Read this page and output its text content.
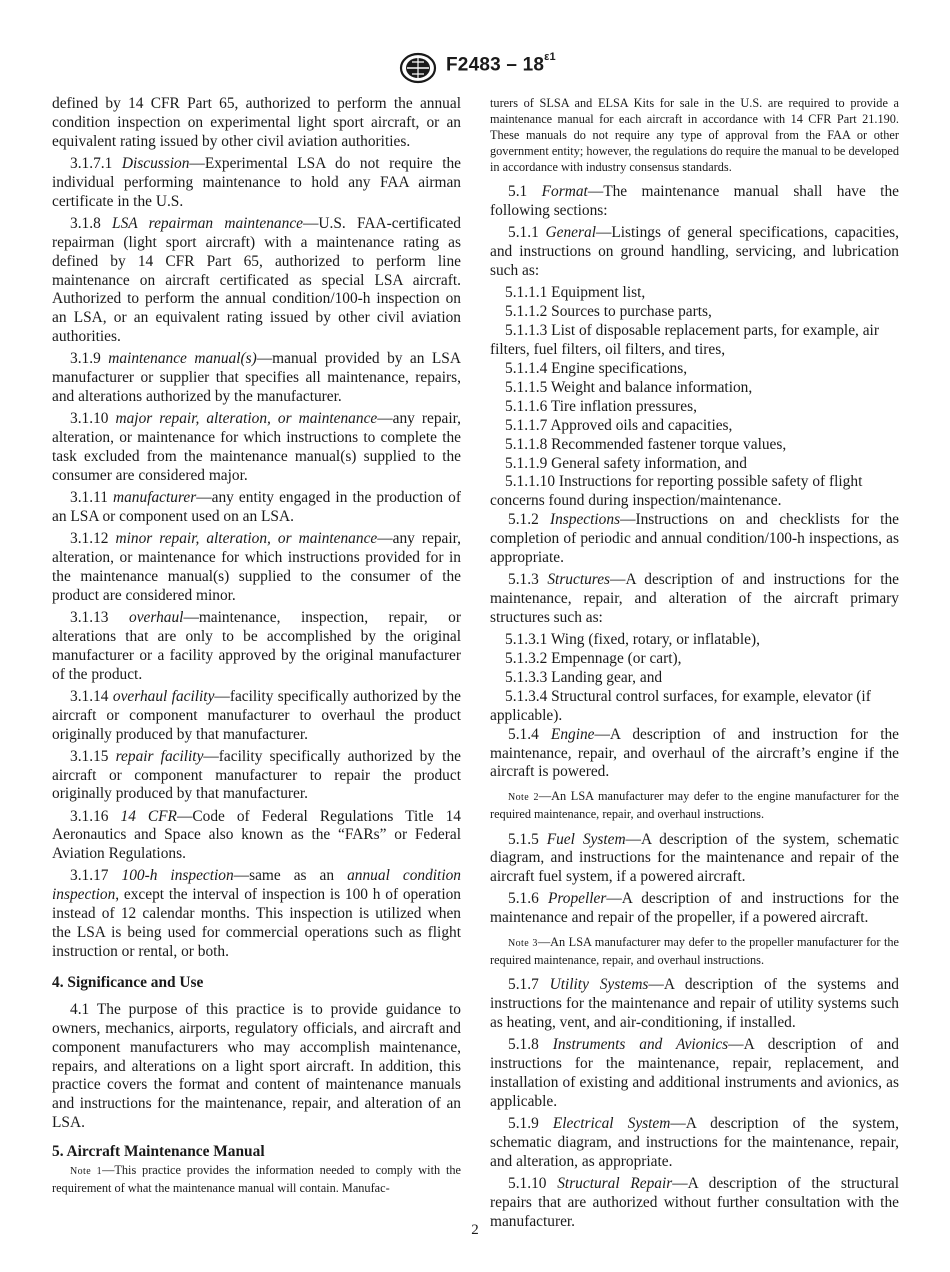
$F2483 - 18^{\varepsilon 1}$

defined by 14 CFR Part 65, authorized to perform the annual condition inspection on experimental light sport aircraft, or an equivalent rating issued by other civil aviation authorities.

3.1.7.1 Discussion—Experimental LSA do not require the individual performing maintenance to hold any FAA airman certificate in the U.S.

3.1.8 LSA repairman maintenance—U.S. FAA-certificated repairman (light sport aircraft) with a maintenance rating as defined by 14 CFR Part 65, authorized to perform line maintenance on aircraft certificated as special LSA aircraft. Authorized to perform the annual condition/100-h inspection on an LSA, or an equivalent rating issued by other civil aviation authorities.

3.1.9 maintenance manual(s)—manual provided by an LSA manufacturer or supplier that specifies all maintenance, repairs, and alterations authorized by the manufacturer.

3.1.10 major repair, alteration, or maintenance—any repair, alteration, or maintenance for which instructions to complete the task excluded from the maintenance manual(s) supplied to the consumer are considered major.

3.1.11 manufacturer—any entity engaged in the production of an LSA or component used on an LSA.

3.1.12 minor repair, alteration, or maintenance—any repair, alteration, or maintenance for which instructions provided for in the maintenance manual(s) supplied to the consumer of the product are considered minor.

3.1.13 overhaul—maintenance, inspection, repair, or alterations that are only to be accomplished by the original manufacturer or a facility approved by the original manufacturer of the product.

3.1.14 overhaul facility—facility specifically authorized by the aircraft or component manufacturer to overhaul the product originally produced by that manufacturer.

3.1.15 repair facility—facility specifically authorized by the aircraft or component manufacturer to repair the product originally produced by that manufacturer.

3.1.16 14 CFR—Code of Federal Regulations Title 14 Aeronautics and Space also known as the “FARs” or Federal Aviation Regulations.

3.1.17 100-h inspection—same as an annual condition inspection, except the interval of inspection is 100 h of operation instead of 12 calendar months. This inspection is utilized when the LSA is being used for commercial operations such as flight instruction or rental, or both.

4. Significance and Use

4.1 The purpose of this practice is to provide guidance to owners, mechanics, airports, regulatory officials, and aircraft and component manufacturers who may accomplish maintenance, repairs, and alterations on a light sport aircraft. In addition, this practice covers the format and content of maintenance manuals and instructions for the maintenance, repair, and alteration of an LSA.

5. Aircraft Maintenance Manual
Note 1—This practice provides the information needed to comply with the requirement of what the maintenance manual will contain. Manufac-
turers of SLSA and ELSA Kits for sale in the U.S. are required to provide a maintenance manual for each aircraft in accordance with 14 CFR Part 21.190. These manuals do not require any type of approval from the FAA or other government entity; however, the regulations do require the manual to be developed in accordance with industry consensus standards.

5.1 Format—The maintenance manual shall have the following sections:

5.1.1 General—Listings of general specifications, capacities, and instructions on ground handling, servicing, and lubrication such as:

5.1.1.1 Equipment list,

5.1.1.2 Sources to purchase parts,

5.1.1.3 List of disposable replacement parts, for example, air filters, fuel filters, oil filters, and tires,

5.1.1.4 Engine specifications,

5.1.1.5 Weight and balance information,

5.1.1.6 Tire inflation pressures,

5.1.1.7 Approved oils and capacities,

5.1.1.8 Recommended fastener torque values,

5.1.1.9 General safety information, and

5.1.1.10 Instructions for reporting possible safety of flight concerns found during inspection/maintenance.

5.1.2 Inspections—Instructions on and checklists for the completion of periodic and annual condition/100-h inspections, as appropriate.

5.1.3 Structures—A description of and instructions for the maintenance, repair, and alteration of the aircraft primary structures such as:

5.1.3.1 Wing (fixed, rotary, or inflatable),

5.1.3.2 Empennage (or cart),

5.1.3.3 Landing gear, and

5.1.3.4 Structural control surfaces, for example, elevator (if applicable).

5.1.4 Engine—A description of and instruction for the maintenance, repair, and overhaul of the aircraft’s engine if the aircraft is powered.

Note 2—An LSA manufacturer may defer to the engine manufacturer for the required maintenance, repair, and overhaul instructions.

5.1.5 Fuel System—A description of the system, schematic diagram, and instructions for the maintenance and repair of the aircraft fuel system, if a powered aircraft.

5.1.6 Propeller—A description of and instructions for the maintenance and repair of the propeller, if a powered aircraft.

Note 3—An LSA manufacturer may defer to the propeller manufacturer for the required maintenance, repair, and overhaul instructions.

5.1.7 Utility Systems—A description of the systems and instructions for the maintenance and repair of utility systems such as heating, vent, and air-conditioning, if installed.

5.1.8 Instruments and Avionics—A description of and instructions for the maintenance, repair, replacement, and installation of existing and additional instruments and avionics, as applicable.

5.1.9 Electrical System—A description of the system, schematic diagram, and instructions for the maintenance, repair, and alteration, as appropriate.

5.1.10 Structural Repair—A description of the structural repairs that are authorized without further consultation with the manufacturer.

2
